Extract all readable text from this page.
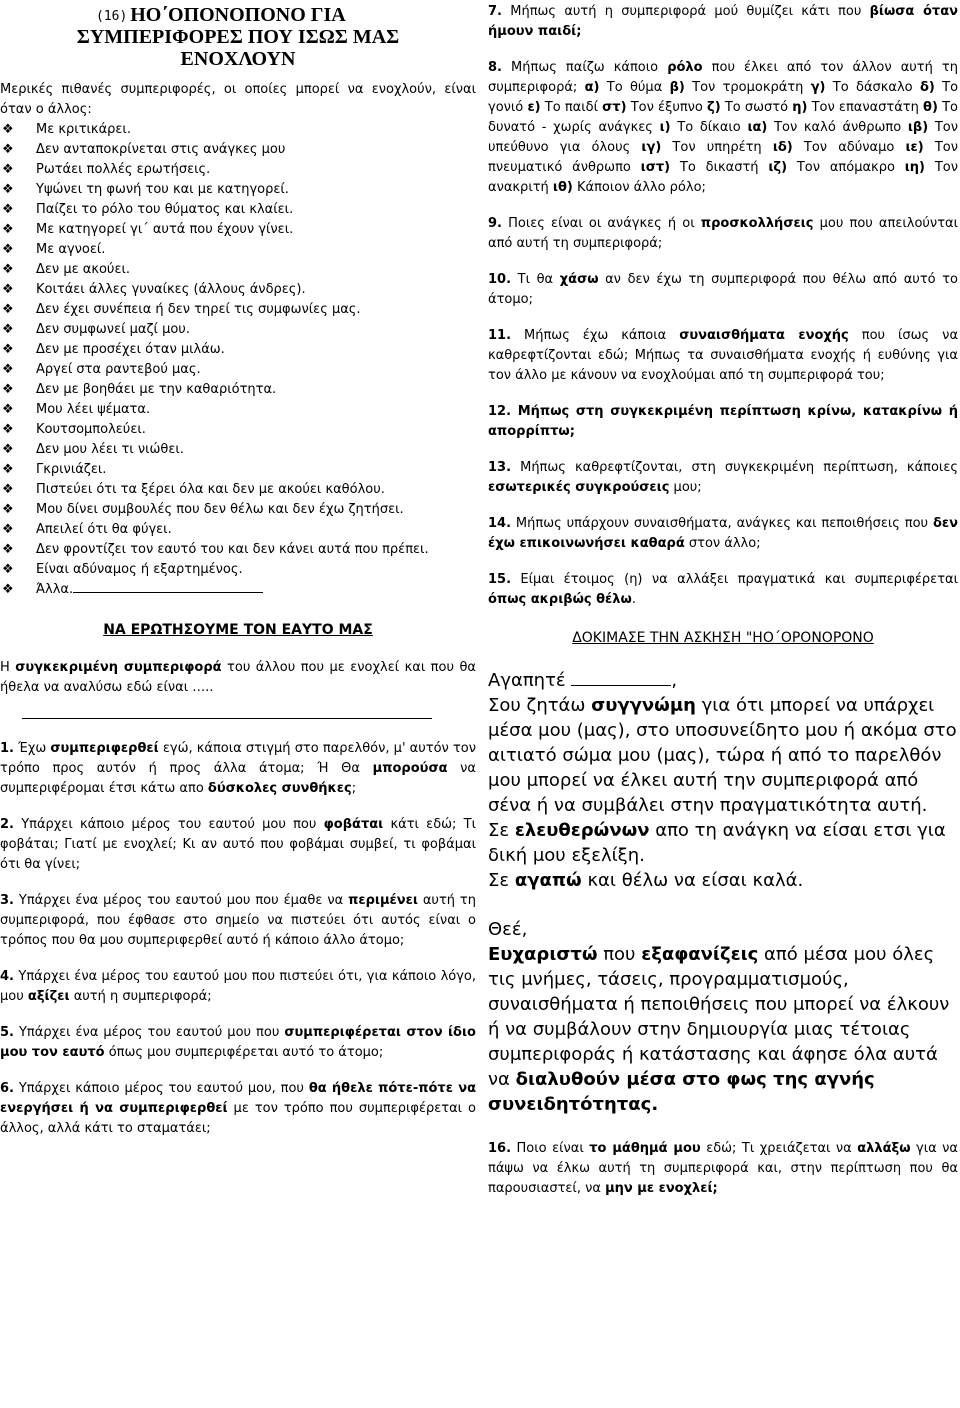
(16) ΗΟ΄ΟΠΟΝΟΠΟΝΟ ΓΙΑ
ΣΥΜΠΕΡΙΦΟΡΕΣ ΠΟΥ ΙΣΩΣ ΜΑΣ
ΕΝΟΧΛΟΥΝ
Μερικές πιθανές συμπεριφορές, οι οποίες μπορεί να ενοχλούν, είναι όταν ο άλλος:
❖ Με κριτικάρει.
❖ Δεν ανταποκρίνεται στις ανάγκες μου
❖ Ρωτάει πολλές ερωτήσεις.
❖ Υψώνει τη φωνή του και με κατηγορεί.
❖ Παίζει το ρόλο του θύματος και κλαίει.
❖ Με κατηγορεί γι΄ αυτά που έχουν γίνει.
❖ Με αγνοεί.
❖ Δεν με ακούει.
❖ Κοιτάει άλλες γυναίκες (άλλους άνδρες).
❖ Δεν έχει συνέπεια ή δεν τηρεί τις συμφωνίες μας.
❖ Δεν συμφωνεί μαζί μου.
❖ Δεν με προσέχει όταν μιλάω.
❖ Αργεί στα ραντεβού μας.
❖ Δεν με βοηθάει με την καθαριότητα.
❖ Μου λέει ψέματα.
❖ Κουτσομπολεύει.
❖ Δεν μου λέει τι νιώθει.
❖ Γκρινιάζει.
❖ Πιστεύει ότι τα ξέρει όλα και δεν με ακούει καθόλου.
❖ Μου δίνει συμβουλές που δεν θέλω και δεν έχω ζητήσει.
❖ Απειλεί ότι θα φύγει.
❖ Δεν φροντίζει τον εαυτό του και δεν κάνει αυτά που πρέπει.
❖ Είναι αδύναμος ή εξαρτημένος.
❖ Άλλα.
ΝΑ ΕΡΩΤΗΣΟΥΜΕ ΤΟΝ ΕΑΥΤΟ ΜΑΣ
Η συγκεκριμένη συμπεριφορά του άλλου που με ενοχλεί και που θα ήθελα να αναλύσω εδώ είναι …..
1. Έχω συμπεριφερθεί εγώ, κάποια στιγμή στο παρελθόν, μ' αυτόν τον τρόπο προς αυτόν ή προς άλλα άτομα; Ή Θα μπορούσα να συμπεριφέρομαι έτσι κάτω απο δύσκολες συνθήκες;
2. Υπάρχει κάποιο μέρος του εαυτού μου που φοβάται κάτι εδώ; Τι φοβάται; Γιατί με ενοχλεί; Κι αν αυτό που φοβάμαι συμβεί, τι φοβάμαι ότι θα γίνει;
3. Υπάρχει ένα μέρος του εαυτού μου που έμαθε να περιμένει αυτή τη συμπεριφορά, που έφθασε στο σημείο να πιστεύει ότι αυτός είναι ο τρόπος που θα μου συμπεριφερθεί αυτό ή κάποιο άλλο άτομο;
4. Υπάρχει ένα μέρος του εαυτού μου που πιστεύει ότι, για κάποιο λόγο, μου αξίζει αυτή η συμπεριφορά;
5. Υπάρχει ένα μέρος του εαυτού μου που συμπεριφέρεται στον ίδιο μου τον εαυτό όπως μου συμπεριφέρεται αυτό το άτομο;
6. Υπάρχει κάποιο μέρος του εαυτού μου, που θα ήθελε πότε-πότε να ενεργήσει ή να συμπεριφερθεί με τον τρόπο που συμπεριφέρεται ο άλλος, αλλά κάτι το σταματάει;
7. Μήπως αυτή η συμπεριφορά μού θυμίζει κάτι που βίωσα όταν ήμουν παιδί;
8. Μήπως παίζω κάποιο ρόλο που έλκει από τον άλλον αυτή τη συμπεριφορά; α) Το θύμα β) Τον τρομοκράτη γ) Το δάσκαλο δ) Το γονιό ε) Το παιδί στ) Τον έξυπνο ζ) Το σωστό η) Τον επαναστάτη θ) Το δυνατό - χωρίς ανάγκες ι) Το δίκαιο ια) Τον καλό άνθρωπο ιβ) Τον υπεύθυνο για όλους ιγ) Τον υπηρέτη ιδ) Τον αδύναμο ιε) Τον πνευματικό άνθρωπο ιστ) Το δικαστή ιζ) Τον απόμακρο ιη) Τον ανακριτή ιθ) Κάποιον άλλο ρόλο;
9. Ποιες είναι οι ανάγκες ή οι προσκολλήσεις μου που απειλούνται από αυτή τη συμπεριφορά;
10. Τι θα χάσω αν δεν έχω τη συμπεριφορά που θέλω από αυτό το άτομο;
11. Μήπως έχω κάποια συναισθήματα ενοχής που ίσως να καθρεφτίζονται εδώ; Μήπως τα συναισθήματα ενοχής ή ευθύνης για τον άλλο με κάνουν να ενοχλούμαι από τη συμπεριφορά του;
12. Μήπως στη συγκεκριμένη περίπτωση κρίνω, κατακρίνω ή απορρίπτω;
13. Μήπως καθρεφτίζονται, στη συγκεκριμένη περίπτωση, κάποιες εσωτερικές συγκρούσεις μου;
14. Μήπως υπάρχουν συναισθήματα, ανάγκες και πεποιθήσεις που δεν έχω επικοινωνήσει καθαρά στον άλλο;
15. Είμαι έτοιμος (η) να αλλάξει πραγματικά και συμπεριφέρεται όπως ακριβώς θέλω.
ΔΟΚΙΜΑΣΕ ΤΗΝ ΑΣΚΗΣΗ "ΗΟ΄ΟΡΟΝΟΡΟΝΟ
Αγαπητέ	,
Σου ζητάω συγγνώμη για ότι μπορεί να υπάρχει μέσα μου (μας), στο υποσυνείδητο μου ή ακόμα στο αιτιατό σώμα μου (μας), τώρα ή από το παρελθόν μου μπορεί να έλκει αυτή την συμπεριφορά από σένα ή να συμβάλει στην πραγματικότητα αυτή.
Σε ελευθερώνων απο τη ανάγκη να είσαι ετσι για δική μου εξελίξη.
Σε αγαπώ και θέλω να είσαι καλά.
Θεέ,
Ευχαριστώ που εξαφανίζεις από μέσα μου όλες τις μνήμες, τάσεις, προγραμματισμούς, συναισθήματα ή πεποιθήσεις που μπορεί να έλκουν ή να συμβάλουν στην δημιουργία μιας τέτοιας συμπεριφοράς ή κατάστασης και άφησε όλα αυτά να διαλυθούν μέσα στο φως της αγνής συνειδητότητας.
16. Ποιο είναι το μάθημά μου εδώ; Τι χρειάζεται να αλλάξω για να πάψω να έλκω αυτή τη συμπεριφορά και, στην περίπτωση που θα παρουσιαστεί, να μην με ενοχλεί;
